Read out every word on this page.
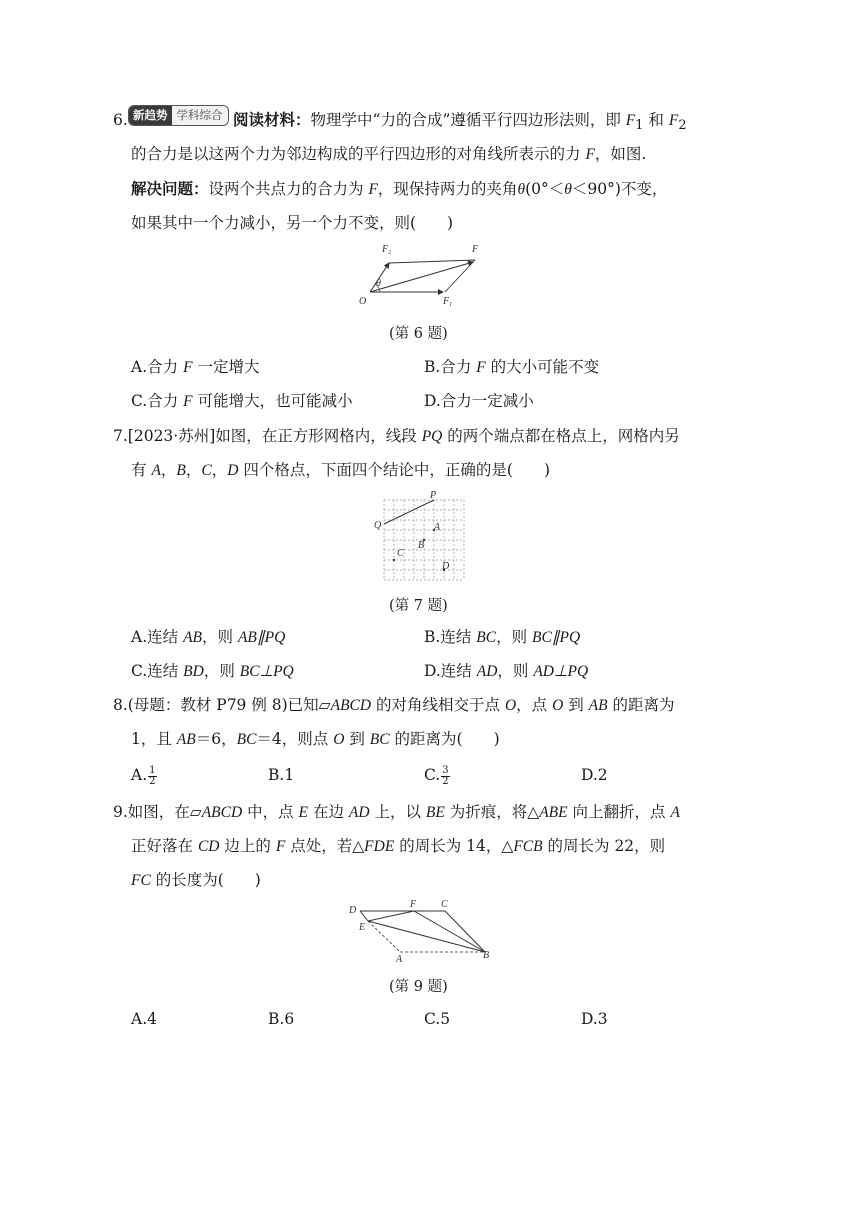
6. 新趋势 学科综合 阅读材料：物理学中“力的合成”遵循平行四边形法则，即 $F_1$ 和 $F_2$
的合力是以这两个力为邻边构成的平行四边形的对角线所表示的力 F，如图.
解决问题：设两个共点力的合力为 F，现保持两力的夹角θ(0°＜θ＜90°)不变，
如果其中一个力减小，另一个力不变，则(　　)
$F_2$	F
O	$F_1$
θ
(第 6 题)
A.合力 F 一定增大	B.合力 F 的大小可能不变
C.合力 F 可能增大，也可能减小	D.合力一定减小
7.[2023·苏州]如图，在正方形网格内，线段 PQ 的两个端点都在格点上，网格内另
有 A，B，C，D 四个格点，下面四个结论中，正确的是(　　)
P
Q	A
B
C
D
(第 7 题)
A.连结 AB，则 AB∥PQ	B.连结 BC，则 BC∥PQ
C.连结 BD，则 BC⊥PQ	D.连结 AD，则 AD⊥PQ
8.(母题：教材 P79 例 8)已知▱ABCD 的对角线相交于点 O，点 O 到 AB 的距离为
1，且 AB＝6，BC＝4，则点 O 到 BC 的距离为(　　)
A. $\frac{1}{2}$	B.1	C. $\frac{3}{2}$	D.2
9.如图，在▱ABCD 中，点 E 在边 AD 上，以 BE 为折痕，将△ABE 向上翻折，点 A
正好落在 CD 边上的 F 点处，若△FDE 的周长为 14，△FCB 的周长为 22，则
FC 的长度为(　　)
D
F C
E
A	B
(第 9 题)
A.4	B.6	C.5	D.3
